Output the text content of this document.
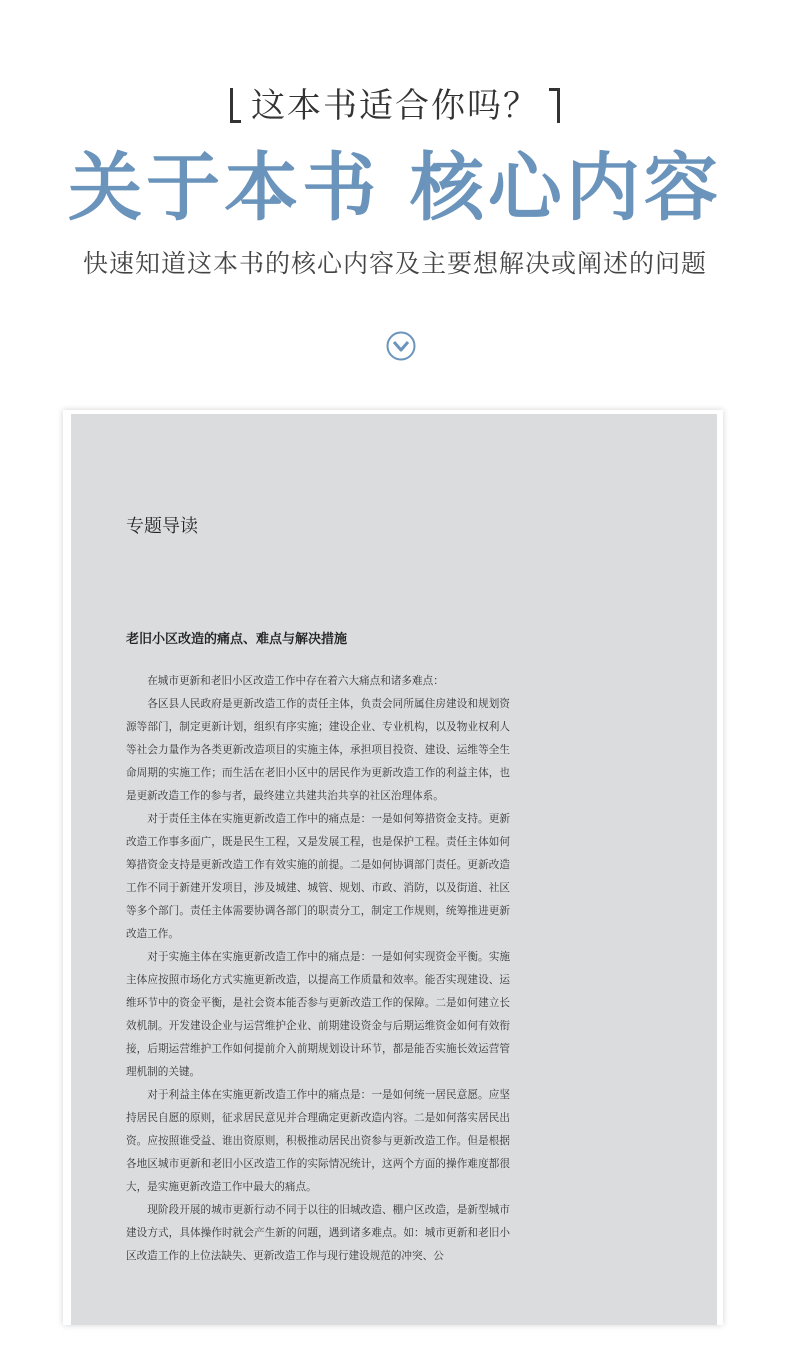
这本书适合你吗？
关于本书 核心内容
快速知道这本书的核心内容及主要想解决或阐述的问题
专题导读
老旧小区改造的痛点、难点与解决措施

在城市更新和老旧小区改造工作中存在着六大痛点和诸多难点：

各区县人民政府是更新改造工作的责任主体，负责会同所属住房建设和规划资源等部门，制定更新计划，组织有序实施；建设企业、专业机构，以及物业权利人等社会力量作为各类更新改造项目的实施主体，承担项目投资、建设、运维等全生命周期的实施工作；而生活在老旧小区中的居民作为更新改造工作的利益主体，也是更新改造工作的参与者，最终建立共建共治共享的社区治理体系。

对于责任主体在实施更新改造工作中的痛点是：一是如何筹措资金支持。更新改造工作事多面广，既是民生工程，又是发展工程，也是保护工程。责任主体如何筹措资金支持是更新改造工作有效实施的前提。二是如何协调部门责任。更新改造工作不同于新建开发项目，涉及城建、城管、规划、市政、消防，以及街道、社区等多个部门。责任主体需要协调各部门的职责分工，制定工作规则，统筹推进更新改造工作。

对于实施主体在实施更新改造工作中的痛点是：一是如何实现资金平衡。实施主体应按照市场化方式实施更新改造，以提高工作质量和效率。能否实现建设、运维环节中的资金平衡，是社会资本能否参与更新改造工作的保障。二是如何建立长效机制。开发建设企业与运营维护企业、前期建设资金与后期运维资金如何有效衔接，后期运营维护工作如何提前介入前期规划设计环节，都是能否实施长效运营管理机制的关键。

对于利益主体在实施更新改造工作中的痛点是：一是如何统一居民意愿。应坚持居民自愿的原则，征求居民意见并合理确定更新改造内容。二是如何落实居民出资。应按照谁受益、谁出资原则，积极推动居民出资参与更新改造工作。但是根据各地区城市更新和老旧小区改造工作的实际情况统计，这两个方面的操作难度都很大，是实施更新改造工作中最大的痛点。

现阶段开展的城市更新行动不同于以往的旧城改造、棚户区改造，是新型城市建设方式，具体操作时就会产生新的问题，遇到诸多难点。如：城市更新和老旧小区改造工作的上位法缺失、更新改造工作与现行建设规范的冲突、公
